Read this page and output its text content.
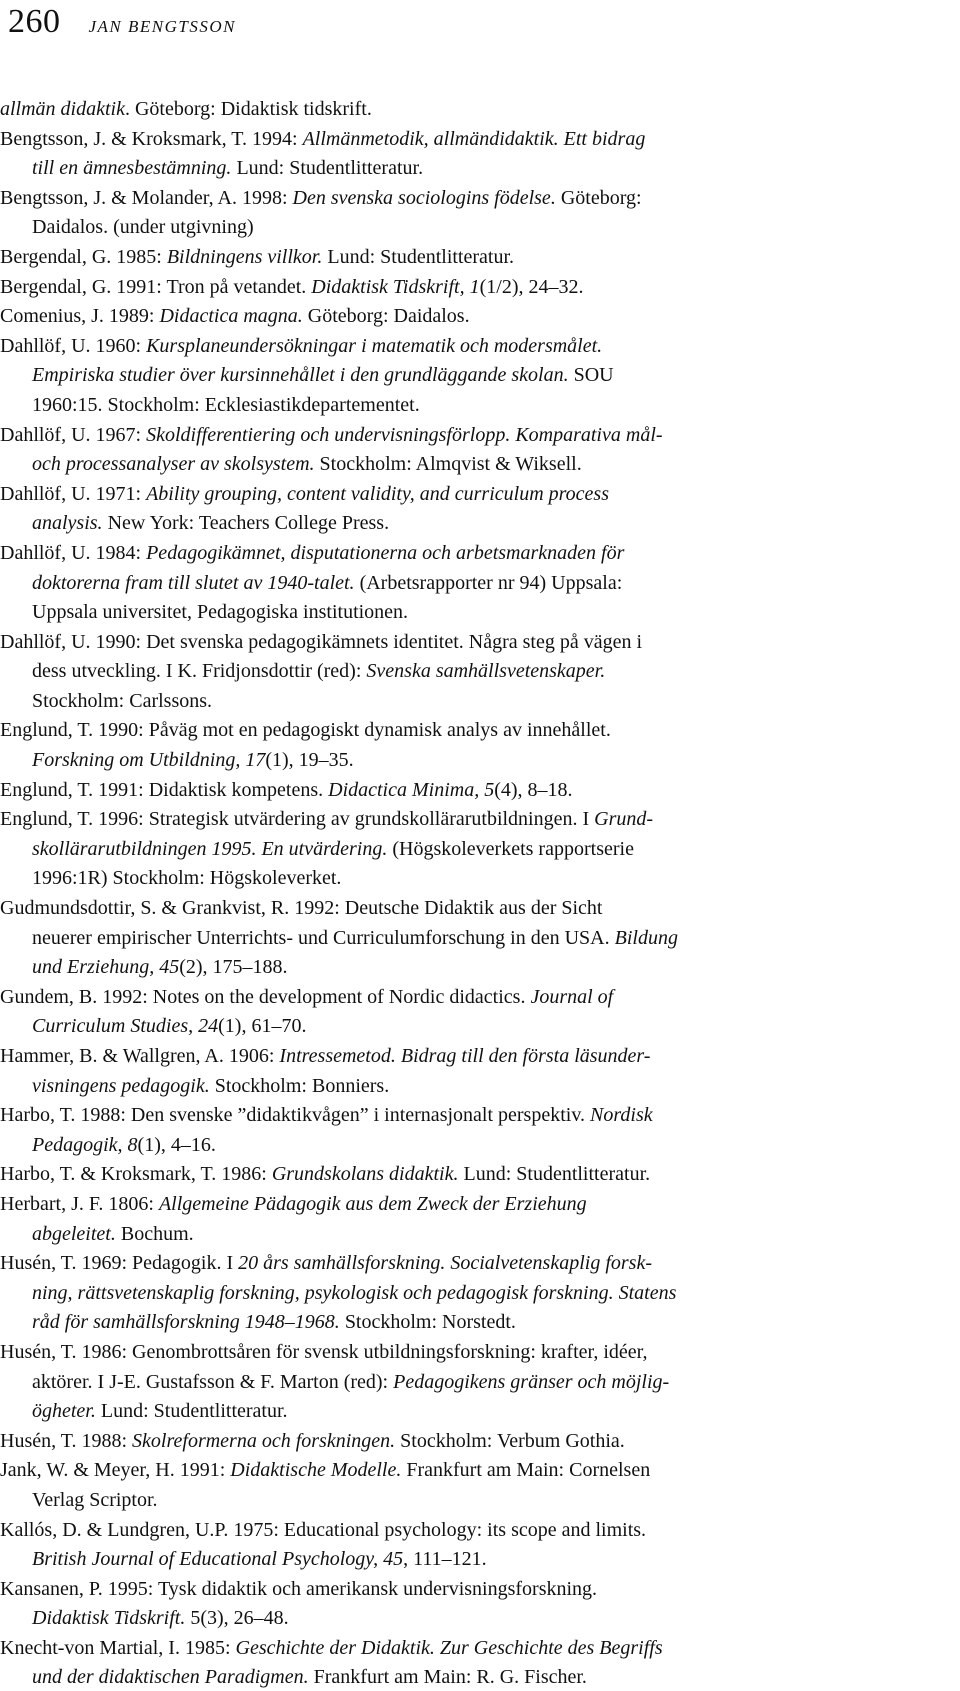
260 JAN BENGTSSON
allmän didaktik. Göteborg: Didaktisk tidskrift.
Bengtsson, J. & Kroksmark, T. 1994: Allmänmetodik, allmändidaktik. Ett bidrag
till en ämnesbestämning. Lund: Studentlitteratur.
Bengtsson, J. & Molander, A. 1998: Den svenska sociologins födelse. Göteborg:
Daidalos. (under utgivning)
Bergendal, G. 1985: Bildningens villkor. Lund: Studentlitteratur.
Bergendal, G. 1991: Tron på vetandet. Didaktisk Tidskrift, 1(1/2), 24–32.
Comenius, J. 1989: Didactica magna. Göteborg: Daidalos.
Dahllöf, U. 1960: Kursplaneundersökningar i matematik och modersmålet.
Empiriska studier över kursinnehållet i den grundläggande skolan. SOU
1960:15. Stockholm: Ecklesiastikdepartementet.
Dahllöf, U. 1967: Skoldifferentiering och undervisningsförlopp. Komparativa mål-
och processanalyser av skolsystem. Stockholm: Almqvist & Wiksell.
Dahllöf, U. 1971: Ability grouping, content validity, and curriculum process
analysis. New York: Teachers College Press.
Dahllöf, U. 1984: Pedagogikämnet, disputationerna och arbetsmarknaden för
doktorerna fram till slutet av 1940-talet. (Arbetsrapporter nr 94) Uppsala:
Uppsala universitet, Pedagogiska institutionen.
Dahllöf, U. 1990: Det svenska pedagogikämnets identitet. Några steg på vägen i
dess utveckling. I K. Fridjonsdottir (red): Svenska samhällsvetenskaper.
Stockholm: Carlssons.
Englund, T. 1990: Påväg mot en pedagogiskt dynamisk analys av innehållet.
Forskning om Utbildning, 17(1), 19–35.
Englund, T. 1991: Didaktisk kompetens. Didactica Minima, 5(4), 8–18.
Englund, T. 1996: Strategisk utvärdering av grundskollärarutbildningen. I Grund-
skollärarutbildningen 1995. En utvärdering. (Högskoleverkets rapportserie
1996:1R) Stockholm: Högskoleverket.
Gudmundsdottir, S. & Grankvist, R. 1992: Deutsche Didaktik aus der Sicht
neuerer empirischer Unterrichts- und Curriculumforschung in den USA. Bildung
und Erziehung, 45(2), 175–188.
Gundem, B. 1992: Notes on the development of Nordic didactics. Journal of
Curriculum Studies, 24(1), 61–70.
Hammer, B. & Wallgren, A. 1906: Intressemetod. Bidrag till den första läsunder-
visningens pedagogik. Stockholm: Bonniers.
Harbo, T. 1988: Den svenske ”didaktikvågen” i internasjonalt perspektiv. Nordisk
Pedagogik, 8(1), 4–16.
Harbo, T. & Kroksmark, T. 1986: Grundskolans didaktik. Lund: Studentlitteratur.
Herbart, J. F. 1806: Allgemeine Pädagogik aus dem Zweck der Erziehung
abgeleitet. Bochum.
Husén, T. 1969: Pedagogik. I 20 års samhällsforskning. Socialvetenskaplig forsk-
ning, rättsvetenskaplig forskning, psykologisk och pedagogisk forskning. Statens
råd för samhällsforskning 1948–1968. Stockholm: Norstedt.
Husén, T. 1986: Genombrottsåren för svensk utbildningsforskning: krafter, idéer,
aktörer. I J-E. Gustafsson & F. Marton (red): Pedagogikens gränser och möjlig-
ögheter. Lund: Studentlitteratur.
Husén, T. 1988: Skolreformerna och forskningen. Stockholm: Verbum Gothia.
Jank, W. & Meyer, H. 1991: Didaktische Modelle. Frankfurt am Main: Cornelsen
Verlag Scriptor.
Kallós, D. & Lundgren, U.P. 1975: Educational psychology: its scope and limits.
British Journal of Educational Psychology, 45, 111–121.
Kansanen, P. 1995: Tysk didaktik och amerikansk undervisningsforskning.
Didaktisk Tidskrift. 5(3), 26–48.
Knecht-von Martial, I. 1985: Geschichte der Didaktik. Zur Geschichte des Begriffs
und der didaktischen Paradigmen. Frankfurt am Main: R. G. Fischer.
